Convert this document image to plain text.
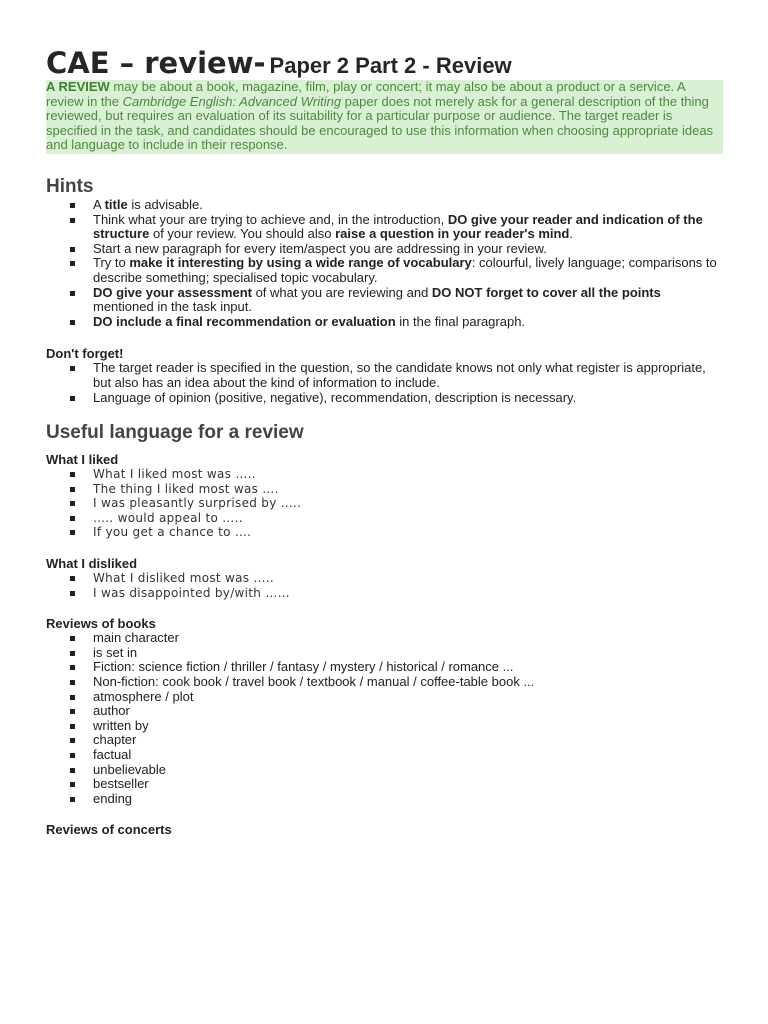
CAE – review- Paper 2 Part 2 - Review
A REVIEW may be about a book, magazine, film, play or concert; it may also be about a product or a service. A review in the Cambridge English: Advanced Writing paper does not merely ask for a general description of the thing reviewed, but requires an evaluation of its suitability for a particular purpose or audience. The target reader is specified in the task, and candidates should be encouraged to use this information when choosing appropriate ideas and language to include in their response.
Hints
A title is advisable.
Think what your are trying to achieve and, in the introduction, DO give your reader and indication of the structure of your review. You should also raise a question in your reader's mind.
Start a new paragraph for every item/aspect you are addressing in your review.
Try to make it interesting by using a wide range of vocabulary: colourful, lively language; comparisons to describe something; specialised topic vocabulary.
DO give your assessment of what you are reviewing and DO NOT forget to cover all the points mentioned in the task input.
DO include a final recommendation or evaluation in the final paragraph.
Don't forget!
The target reader is specified in the question, so the candidate knows not only what register is appropriate, but also has an idea about the kind of information to include.
Language of opinion (positive, negative), recommendation, description is necessary.
Useful language for a review
What I liked
What I liked most was …..
The thing I liked most was ….
I was pleasantly surprised by …..
….. would appeal to …..
If you get a chance to ….
What I disliked
What I disliked most was …..
I was disappointed by/with ……
Reviews of books
main character
is set in
Fiction: science fiction / thriller / fantasy / mystery / historical / romance ...
Non-fiction: cook book / travel book / textbook / manual / coffee-table book ...
atmosphere / plot
author
written by
chapter
factual
unbelievable
bestseller
ending
Reviews of concerts
